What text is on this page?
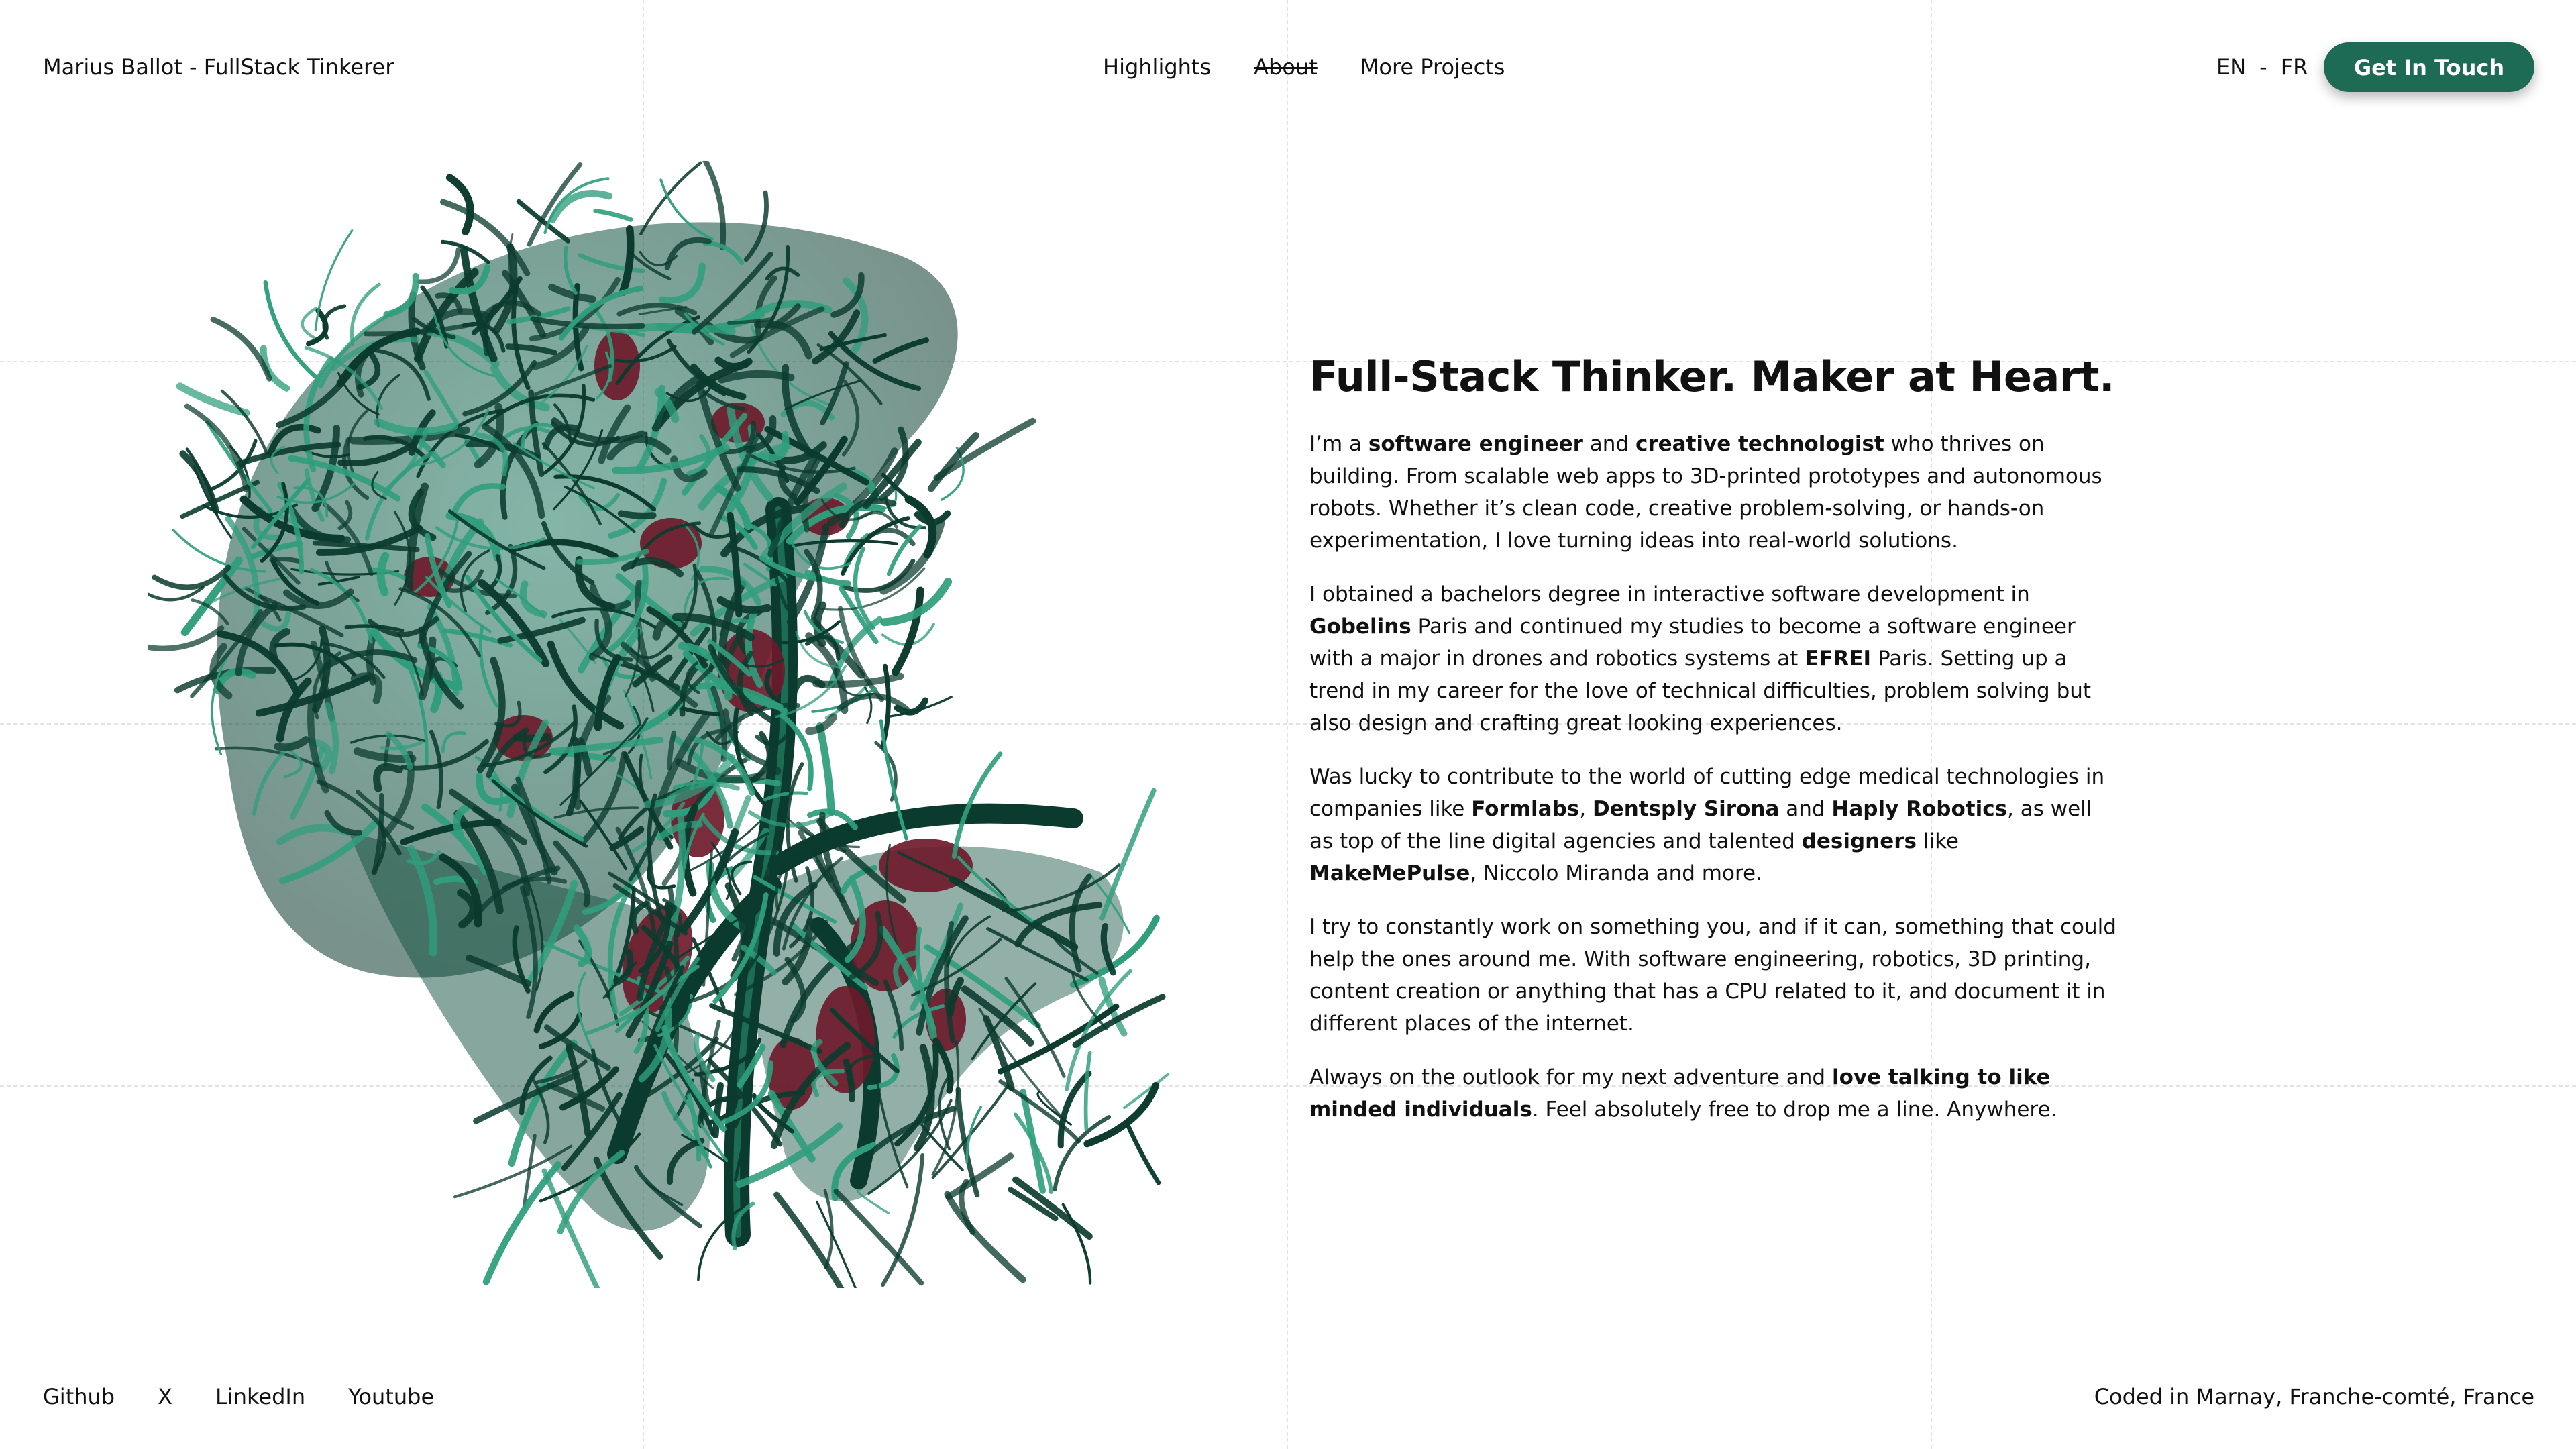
Marius Ballot - FullStack Tinkerer	Highlights About More Projects	EN - FR	Get In Touch
Full-Stack Thinker. Maker at Heart.

I’m a software engineer and creative technologist who thrives on building. From scalable web apps to 3D-printed prototypes and autonomous robots. Whether it’s clean code, creative problem-solving, or hands-on experimentation, I love turning ideas into real-world solutions.

I obtained a bachelors degree in interactive software development in Gobelins Paris and continued my studies to become a software engineer with a major in drones and robotics systems at EFREI Paris. Setting up a trend in my career for the love of technical difficulties, problem solving but also design and crafting great looking experiences.

Was lucky to contribute to the world of cutting edge medical technologies in companies like Formlabs, Dentsply Sirona and Haply Robotics, as well as top of the line digital agencies and talented designers like MakeMePulse, Niccolo Miranda and more.

I try to constantly work on something you, and if it can, something that could help the ones around me. With software engineering, robotics, 3D printing, content creation or anything that has a CPU related to it, and document it in different places of the internet.

Always on the outlook for my next adventure and love talking to like minded individuals. Feel absolutely free to drop me a line. Anywhere.

Github X LinkedIn Youtube	Coded in Marnay, Franche-comté, France
